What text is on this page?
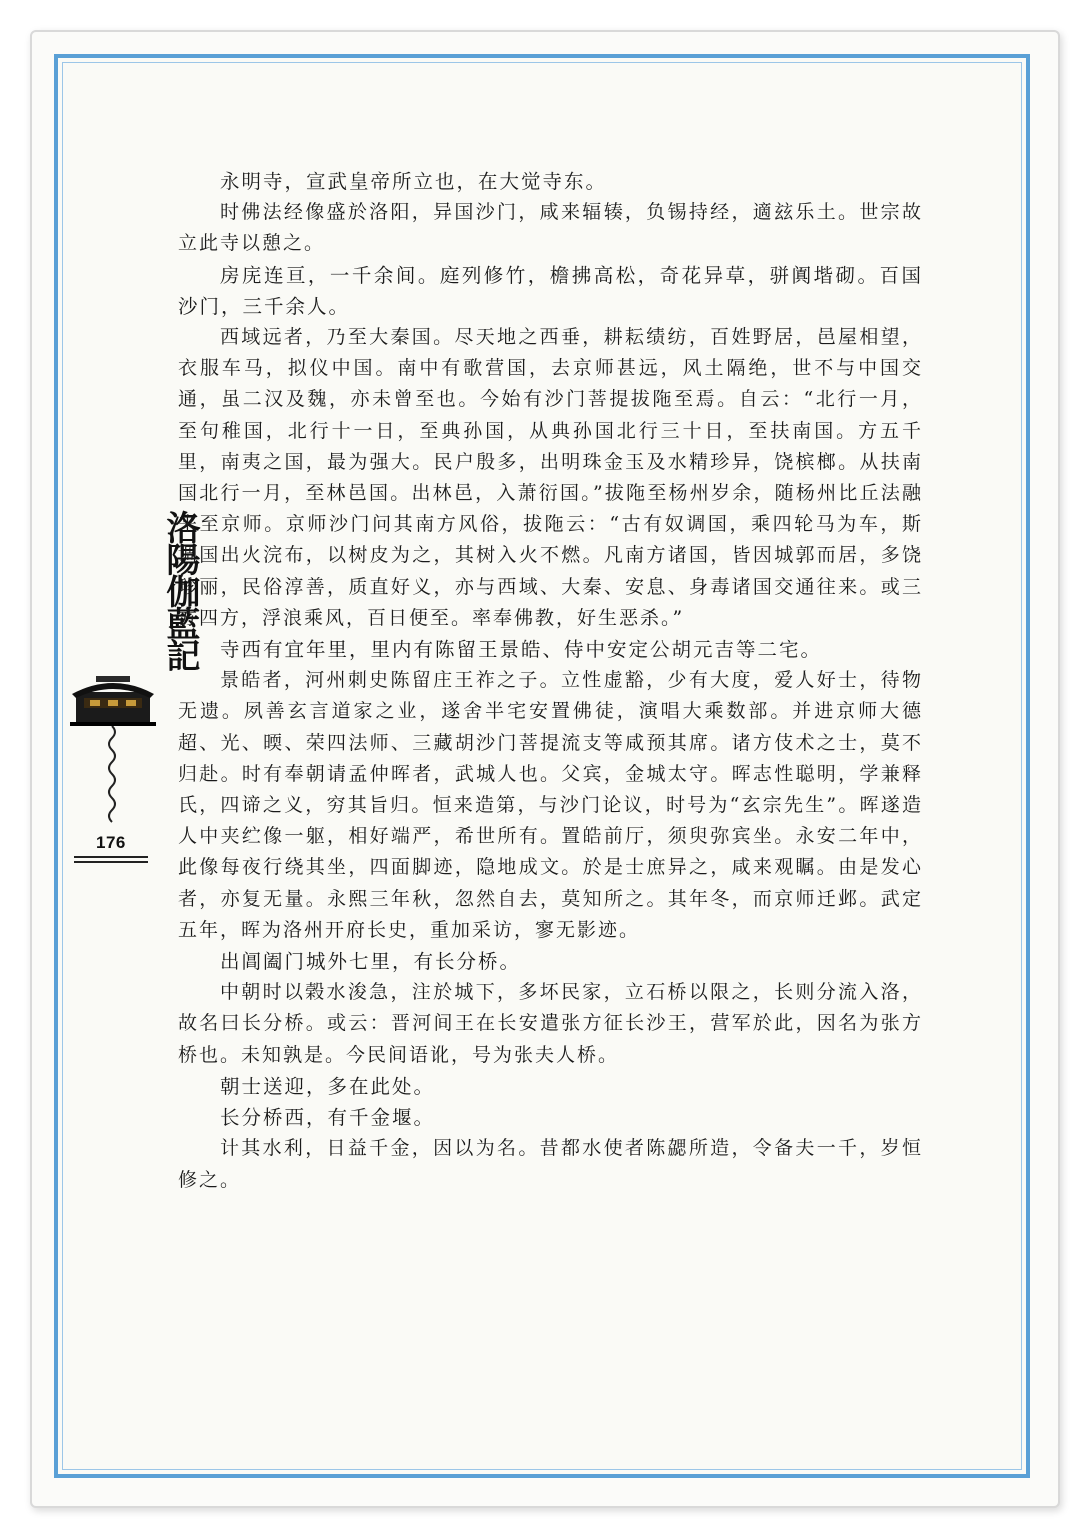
洛陽伽藍記
176

永明寺，宣武皇帝所立也，在大觉寺东。

时佛法经像盛於洛阳，异国沙门，咸来辐辏，负锡持经，適玆乐土。世宗故立此寺以憩之。

房庑连亘，一千余间。庭列修竹，檐拂高松，奇花异草，骈阗堦砌。百国沙门，三千余人。

西域远者，乃至大秦国。尽天地之西垂，耕耘绩纺，百姓野居，邑屋相望，衣服车马，拟仪中国。南中有歌营国，去京师甚远，风土隔绝，世不与中国交通，虽二汉及魏，亦未曾至也。今始有沙门菩提拔陁至焉。自云：“北行一月，至句稚国，北行十一日，至典孙国，从典孙国北行三十日，至扶南国。方五千里，南夷之国，最为强大。民户殷多，出明珠金玉及水精珍异，饶槟榔。从扶南国北行一月，至林邑国。出林邑，入萧衍国。”拔陁至杨州岁余，随杨州比丘法融来至京师。京师沙门问其南方风俗，拔陁云：“古有奴调国，乘四轮马为车，斯调国出火浣布，以树皮为之，其树入火不燃。凡南方诸国，皆因城郭而居，多饶珍丽，民俗淳善，质直好义，亦与西域、大秦、安息、身毒诸国交通往来。或三方四方，浮浪乘风，百日便至。率奉佛教，好生恶杀。”

寺西有宜年里，里内有陈留王景皓、侍中安定公胡元吉等二宅。

景皓者，河州刺史陈留庄王祚之子。立性虚豁，少有大度，爱人好士，待物无遗。夙善玄言道家之业，遂舍半宅安置佛徒，演唱大乘数部。并进京师大德超、光、㬉、荣四法师、三藏胡沙门菩提流支等咸预其席。诸方伎术之士，莫不归赴。时有奉朝请孟仲晖者，武城人也。父宾，金城太守。晖志性聪明，学兼释氏，四谛之义，穷其旨归。恒来造第，与沙门论议，时号为“玄宗先生”。晖遂造人中夹纻像一躯，相好端严，希世所有。置皓前厅，须臾弥宾坐。永安二年中，此像每夜行绕其坐，四面脚迹，隐地成文。於是士庶异之，咸来观瞩。由是发心者，亦复无量。永熙三年秋，忽然自去，莫知所之。其年冬，而京师迁邺。武定五年，晖为洛州开府长史，重加采访，寥无影迹。

出阊阖门城外七里，有长分桥。

中朝时以榖水浚急，注於城下，多坏民家，立石桥以限之，长则分流入洛，故名曰长分桥。或云：晋河间王在长安遣张方征长沙王，营军於此，因名为张方桥也。未知孰是。今民间语讹，号为张夫人桥。

朝士送迎，多在此处。

长分桥西，有千金堰。

计其水利，日益千金，因以为名。昔都水使者陈勰所造，令备夫一千，岁恒修之。
